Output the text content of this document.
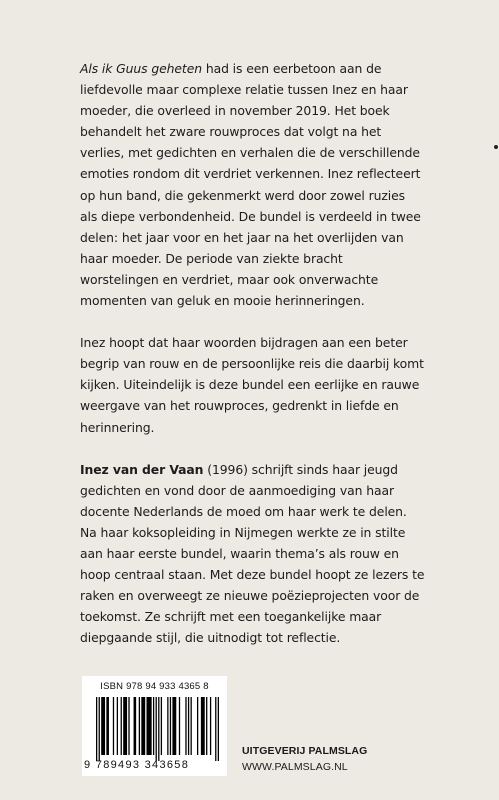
Als ik Guus geheten had is een eerbetoon aan de liefdevolle maar complexe relatie tussen Inez en haar moeder, die overleed in november 2019. Het boek behandelt het zware rouwproces dat volgt na het verlies, met gedichten en verhalen die de verschillende emoties rondom dit verdriet verkennen. Inez reflecteert op hun band, die gekenmerkt werd door zowel ruzies als diepe verbondenheid. De bundel is verdeeld in twee delen: het jaar voor en het jaar na het overlijden van haar moeder. De periode van ziekte bracht worstelingen en verdriet, maar ook onverwachte momenten van geluk en mooie herinneringen.

Inez hoopt dat haar woorden bijdragen aan een beter begrip van rouw en de persoonlijke reis die daarbij komt kijken. Uiteindelijk is deze bundel een eerlijke en rauwe weergave van het rouwproces, gedrenkt in liefde en herinnering.

Inez van der Vaan (1996) schrijft sinds haar jeugd gedichten en vond door de aanmoediging van haar docente Nederlands de moed om haar werk te delen. Na haar koksopleiding in Nijmegen werkte ze in stilte aan haar eerste bundel, waarin thema’s als rouw en hoop centraal staan. Met deze bundel hoopt ze lezers te raken en overweegt ze nieuwe poëzieprojecten voor de toekomst. Ze schrijft met een toegankelijke maar diepgaande stijl, die uitnodigt tot reflectie.

ISBN 978 94 933 4365 8
9 789493 343658
UITGEVERIJ PALMSLAG
WWW.PALMSLAG.NL
